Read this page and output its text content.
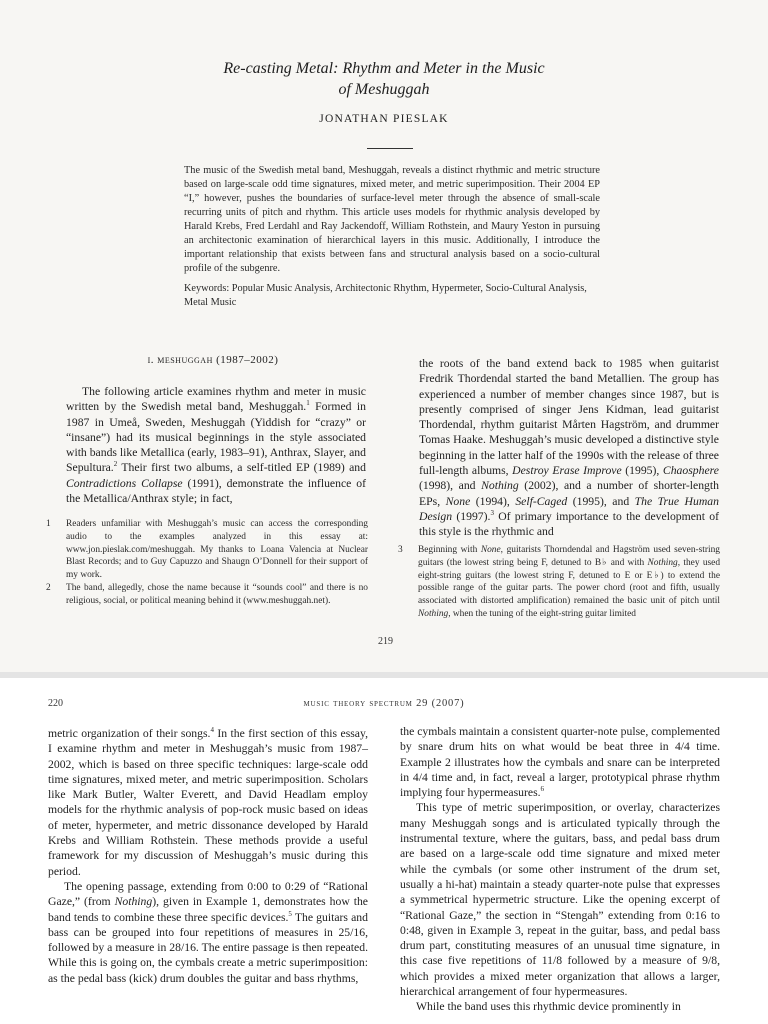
Re-casting Metal: Rhythm and Meter in the Music
of Meshuggah
JONATHAN PIESLAK
The music of the Swedish metal band, Meshuggah, reveals a distinct rhythmic and metric structure based on large-scale odd time signatures, mixed meter, and metric superimposition. Their 2004 EP “I,” however, pushes the boundaries of surface-level meter through the absence of small-scale recurring units of pitch and rhythm. This article uses models for rhythmic analysis developed by Harald Krebs, Fred Lerdahl and Ray Jackendoff, William Rothstein, and Maury Yeston in pursuing an architectonic examination of hierarchical layers in this music. Additionally, I introduce the important relationship that exists between fans and structural analysis based on a socio-cultural profile of the subgenre.
Keywords: Popular Music Analysis, Architectonic Rhythm, Hypermeter, Socio-Cultural Analysis, Metal Music
i. meshuggah (1987–2002)
The following article examines rhythm and meter in music written by the Swedish metal band, Meshuggah.$^1$ Formed in 1987 in Umeå, Sweden, Meshuggah (Yiddish for “crazy” or “insane”) had its musical beginnings in the style associated with bands like Metallica (early, 1983–91), Anthrax, Slayer, and Sepultura.$^2$ Their first two albums, a self-titled EP (1989) and Contradictions Collapse (1991), demonstrate the influence of the Metallica/Anthrax style; in fact,
the roots of the band extend back to 1985 when guitarist Fredrik Thordendal started the band Metallien. The group has experienced a number of member changes since 1987, but is presently comprised of singer Jens Kidman, lead guitarist Thordendal, rhythm guitarist Mårten Hagström, and drummer Tomas Haake. Meshuggah’s music developed a distinctive style beginning in the latter half of the 1990s with the release of three full-length albums, Destroy Erase Improve (1995), Chaosphere (1998), and Nothing (2002), and a number of shorter-length EPs, None (1994), Self-Caged (1995), and The True Human Design (1997).$^3$ Of primary importance to the development of this style is the rhythmic and
1	Readers unfamiliar with Meshuggah’s music can access the corresponding audio to the examples analyzed in this essay at: www.jon.pieslak.com/meshuggah. My thanks to Loana Valencia at Nuclear Blast Records; and to Guy Capuzzo and Shaugn O’Donnell for their support of my work.
2	The band, allegedly, chose the name because it “sounds cool” and there is no religious, social, or political meaning behind it (www.meshuggah.net).
3	Beginning with None, guitarists Thorndendal and Hagström used seven-string guitars (the lowest string being F, detuned to B♭ and with Nothing, they used eight-string guitars (the lowest string F, detuned to E or E♭) to extend the possible range of the guitar parts. The power chord (root and fifth, usually associated with distorted amplification) remained the basic unit of pitch until Nothing, when the tuning of the eight-string guitar limited
219
220	music theory spectrum 29 (2007)
metric organization of their songs.$^4$ In the first section of this essay, I examine rhythm and meter in Meshuggah’s music from 1987–2002, which is based on three specific techniques: large-scale odd time signatures, mixed meter, and metric superimposition. Scholars like Mark Butler, Walter Everett, and David Headlam employ models for the rhythmic analysis of pop-rock music based on ideas of meter, hypermeter, and metric dissonance developed by Harald Krebs and William Rothstein. These methods provide a useful framework for my discussion of Meshuggah’s music during this period.
The opening passage, extending from 0:00 to 0:29 of “Rational Gaze,” (from Nothing), given in Example 1, demonstrates how the band tends to combine these three specific devices.$^5$ The guitars and bass can be grouped into four repetitions of measures in 25/16, followed by a measure in 28/16. The entire passage is then repeated. While this is going on, the cymbals create a metric superimposition: as the pedal bass (kick) drum doubles the guitar and bass rhythms,
the cymbals maintain a consistent quarter-note pulse, complemented by snare drum hits on what would be beat three in 4/4 time. Example 2 illustrates how the cymbals and snare can be interpreted in 4/4 time and, in fact, reveal a larger, prototypical phrase rhythm implying four hypermeasures.$^6$
This type of metric superimposition, or overlay, characterizes many Meshuggah songs and is articulated typically through the instrumental texture, where the guitars, bass, and pedal bass drum are based on a large-scale odd time signature and mixed meter while the cymbals (or some other instrument of the drum set, usually a hi-hat) maintain a steady quarter-note pulse that expresses a symmetrical hypermetric structure. Like the opening excerpt of “Rational Gaze,” the section in “Stengah” extending from 0:16 to 0:48, given in Example 3, repeat in the guitar, bass, and pedal bass drum part, constituting measures of an unusual time signature, in this case five repetitions of 11/8 followed by a measure of 9/8, which provides a mixed meter organization that allows a larger, hierarchical arrangement of four hypermeasures.
While the band uses this rhythmic device prominently in
